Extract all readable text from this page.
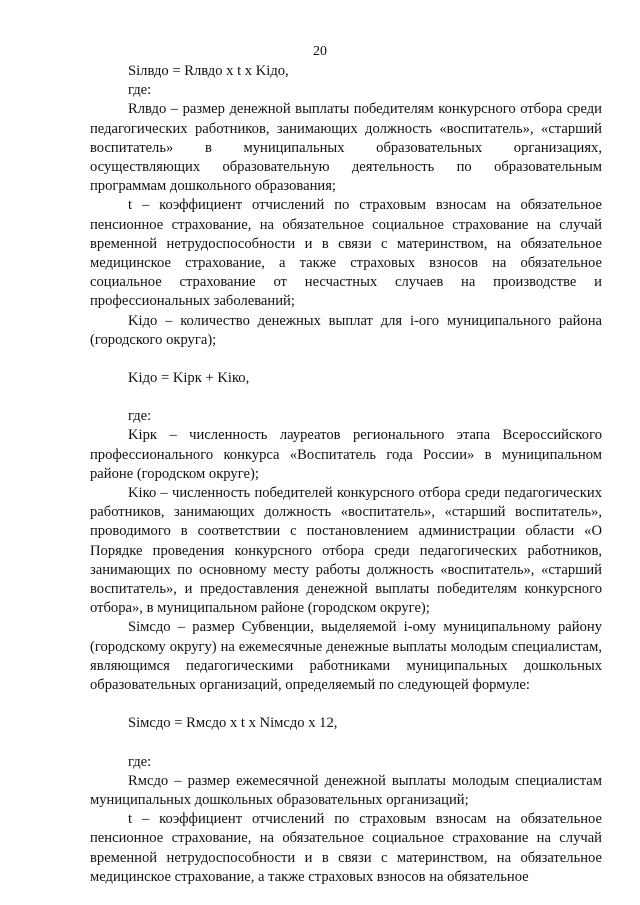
20

Siлвдо = Rлвдо x t x Kiдо,

где:

Rлвдо – размер денежной выплаты победителям конкурсного отбора среди педагогических работников, занимающих должность «воспитатель», «старший воспитатель» в муниципальных образовательных организациях, осуществляющих образовательную деятельность по образовательным программам дошкольного образования;

t – коэффициент отчислений по страховым взносам на обязательное пенсионное страхование, на обязательное социальное страхование на случай временной нетрудоспособности и в связи с материнством, на обязательное медицинское страхование, а также страховых взносов на обязательное социальное страхование от несчастных случаев на производстве и профессиональных заболеваний;

Kiдо – количество денежных выплат для i-ого муниципального района (городского округа);

Kiдо = Kiрк + Kiко,

где:

Kiрк – численность лауреатов регионального этапа Всероссийского профессионального конкурса «Воспитатель года России» в муниципальном районе (городском округе);

Kiко – численность победителей конкурсного отбора среди педагогических работников, занимающих должность «воспитатель», «старший воспитатель», проводимого в соответствии с постановлением администрации области «О Порядке проведения конкурсного отбора среди педагогических работников, занимающих по основному месту работы должность «воспитатель», «старший воспитатель», и предоставления денежной выплаты победителям конкурсного отбора», в муниципальном районе (городском округе);

Siмсдо – размер Субвенции, выделяемой i-ому муниципальному району (городскому округу) на ежемесячные денежные выплаты молодым специалистам, являющимся педагогическими работниками муниципальных дошкольных образовательных организаций, определяемый по следующей формуле:

Siмсдо = Rмсдо x t x Niмсдо x 12,

где:

Rмсдо – размер ежемесячной денежной выплаты молодым специалистам муниципальных дошкольных образовательных организаций;

t – коэффициент отчислений по страховым взносам на обязательное пенсионное страхование, на обязательное социальное страхование на случай временной нетрудоспособности и в связи с материнством, на обязательное медицинское страхование, а также страховых взносов на обязательное
